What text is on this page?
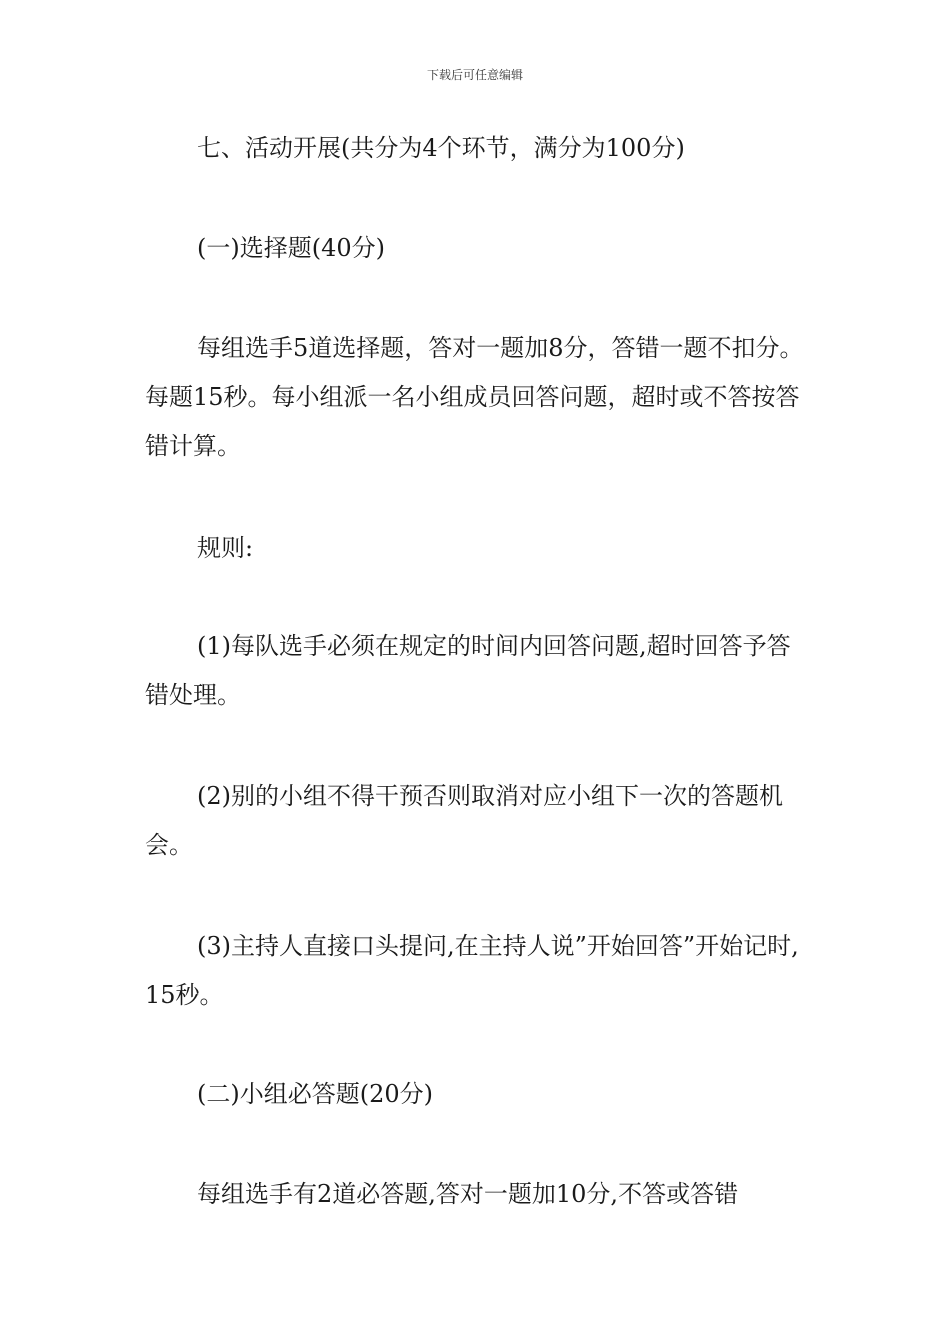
下载后可任意编辑

七、活动开展(共分为4个环节，满分为100分)

(一)选择题(40分)

每组选手5道选择题，答对一题加8分，答错一题不扣分。每题15秒。每小组派一名小组成员回答问题，超时或不答按答错计算。

规则:

(1)每队选手必须在规定的时间内回答问题,超时回答予答错处理。

(2)别的小组不得干预否则取消对应小组下一次的答题机会。

(3)主持人直接口头提问,在主持人说”开始回答”开始记时,15秒。

(二)小组必答题(20分)

每组选手有2道必答题,答对一题加10分,不答或答错
